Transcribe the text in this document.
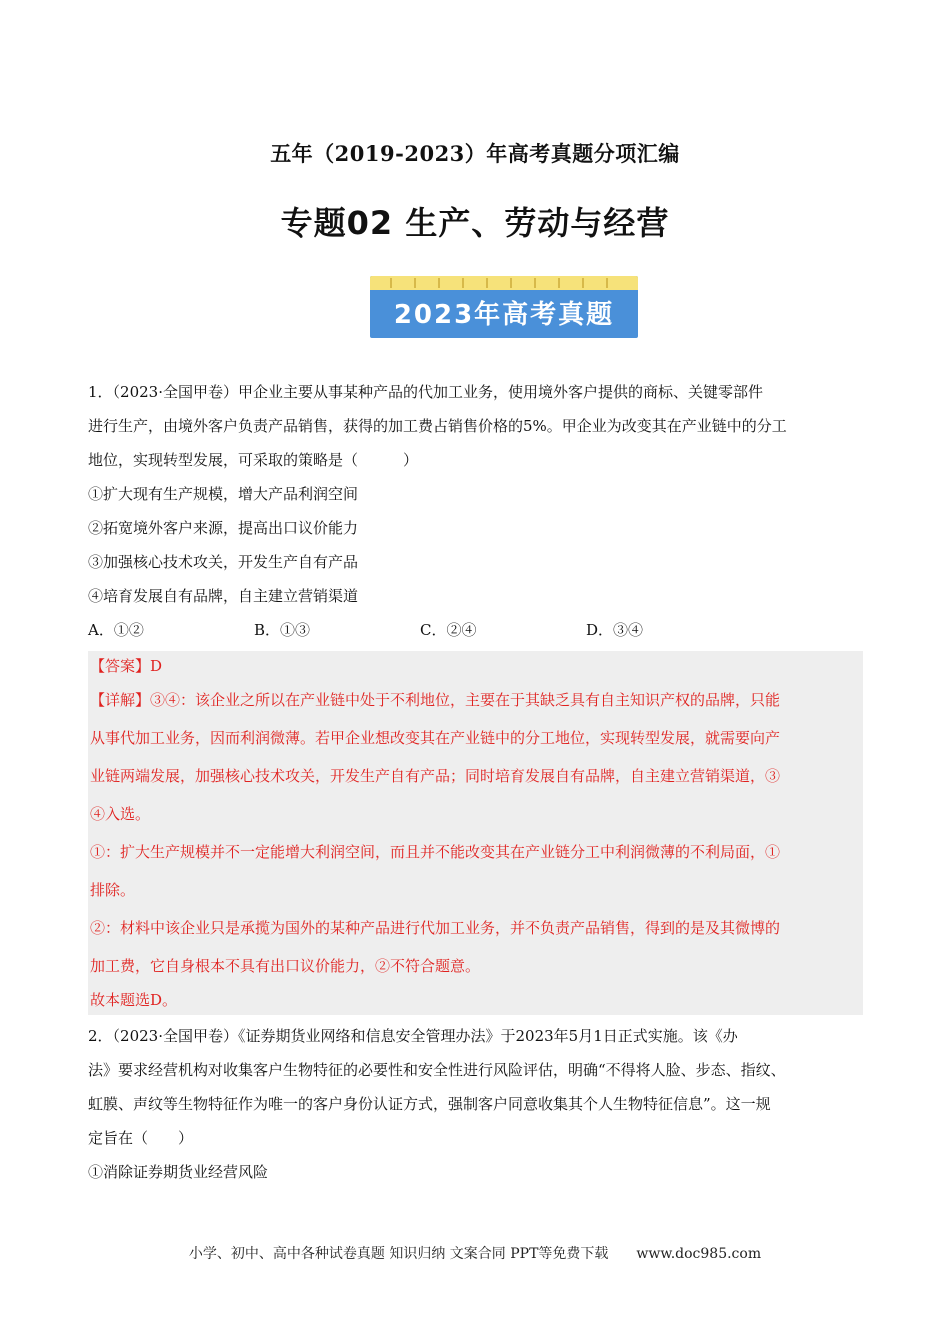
五年（2019-2023）年高考真题分项汇编
专题02 生产、劳动与经营
2023年高考真题
1．（2023·全国甲卷）甲企业主要从事某种产品的代加工业务，使用境外客户提供的商标、关键零部件
进行生产，由境外客户负责产品销售，获得的加工费占销售价格的5%。甲企业为改变其在产业链中的分工
地位，实现转型发展，可采取的策略是（　　　）
①扩大现有生产规模，增大产品利润空间
②拓宽境外客户来源，提高出口议价能力
③加强核心技术攻关，开发生产自有产品
④培育发展自有品牌，自主建立营销渠道
A．①②	B．①③	C．②④	D．③④
【答案】D
【详解】③④：该企业之所以在产业链中处于不利地位，主要在于其缺乏具有自主知识产权的品牌，只能
从事代加工业务，因而利润微薄。若甲企业想改变其在产业链中的分工地位，实现转型发展，就需要向产
业链两端发展，加强核心技术攻关，开发生产自有产品；同时培育发展自有品牌，自主建立营销渠道，③
④入选。
①：扩大生产规模并不一定能增大利润空间，而且并不能改变其在产业链分工中利润微薄的不利局面，①
排除。
②：材料中该企业只是承揽为国外的某种产品进行代加工业务，并不负责产品销售，得到的是及其微博的
加工费，它自身根本不具有出口议价能力，②不符合题意。
故本题选D。
2．（2023·全国甲卷）《证券期货业网络和信息安全管理办法》于2023年5月1日正式实施。该《办
法》要求经营机构对收集客户生物特征的必要性和安全性进行风险评估，明确“不得将人脸、步态、指纹、
虹膜、声纹等生物特征作为唯一的客户身份认证方式，强制客户同意收集其个人生物特征信息”。这一规
定旨在（　　）
①消除证券期货业经营风险
小学、初中、高中各种试卷真题 知识归纳 文案合同 PPT等免费下载　　www.doc985.com
